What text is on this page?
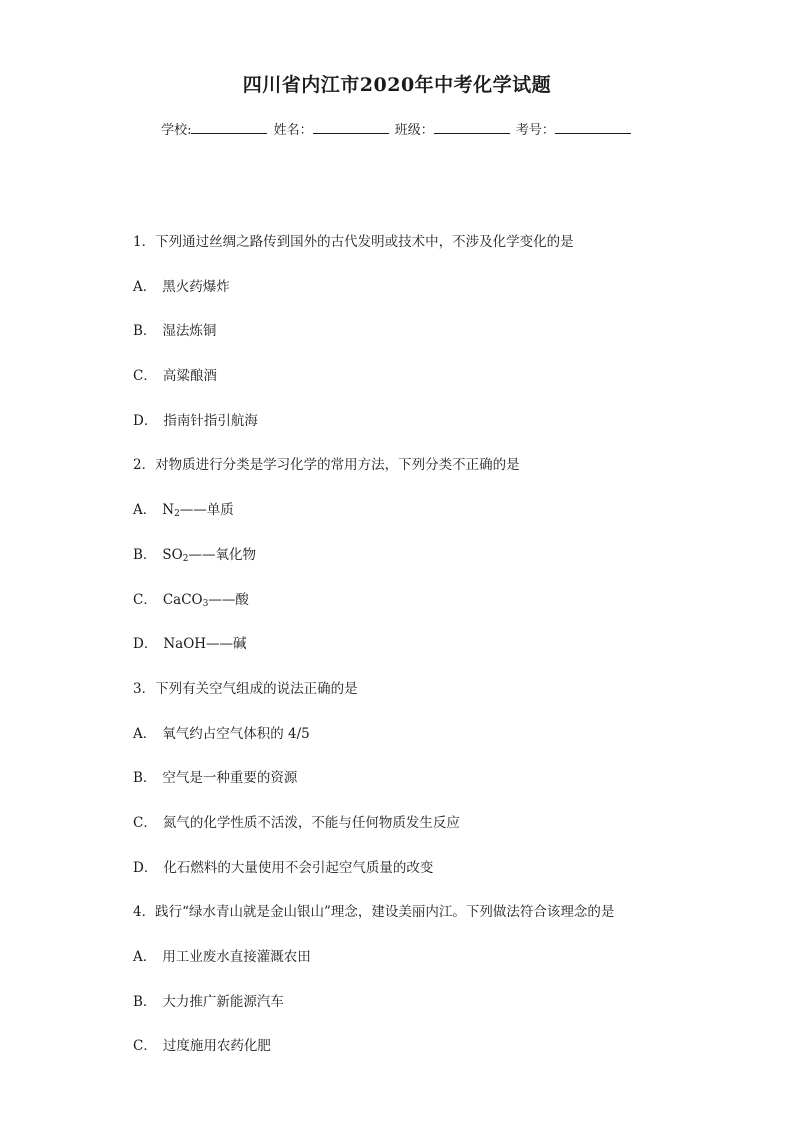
四川省内江市2020年中考化学试题
学校:	姓名：	班级：	考号：
1．下列通过丝绸之路传到国外的古代发明或技术中，不涉及化学变化的是
A． 黑火药爆炸
B． 湿法炼铜
C． 高粱酿酒
D． 指南针指引航海
2．对物质进行分类是学习化学的常用方法，下列分类不正确的是
A． $N_2——$单质
B． $SO_2——$氧化物
C． CaCO$_3$——酸
D． NaOH——碱
3．下列有关空气组成的说法正确的是
A． 氧气约占空气体积的 4/5
B． 空气是一种重要的资源
C． 氮气的化学性质不活泼，不能与任何物质发生反应
D． 化石燃料的大量使用不会引起空气质量的改变
4．践行“绿水青山就是金山银山”理念，建设美丽内江。下列做法符合该理念的是
A． 用工业废水直接灌溉农田
B． 大力推广新能源汽车
C． 过度施用农药化肥
